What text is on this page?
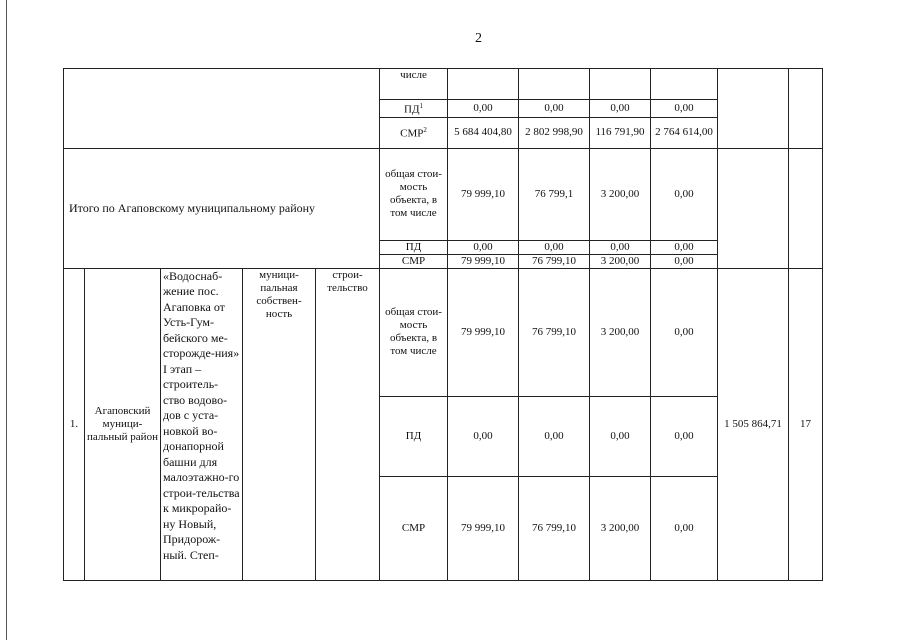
2
					числе						
					$ПД^1$	0,00	0,00	0,00	0,00		
					СМР$^2$	5 684 404,80	2 802 998,90	116 791,90	2 764 614,00		
Итого по Агаповскому муниципальному району					общая стои-мость объекта, в том числе	79 999,10	76 799,1	3 200,00	0,00		
					ПД	0,00	0,00	0,00	0,00		
					СМР	79 999,10	76 799,10	3 200,00	0,00		
1.	Агаповский муници-пальный район	«Водоснаб-жение пос. Агаповка от Усть-Гум-бейского ме-сторожде-ния» I этап – строитель-ство водово-дов с уста-новкой во-донапорной башни для малоэтажно-го строи-тельства к микрорайо-ну Новый, Придорож-ный. Степ-	муници-пальная собствен-ность	строи-тельство	общая стои-мость объекта, в том числе	79 999,10	76 799,10	3 200,00	0,00	1 505 864,71	17
					ПД	0,00	0,00	0,00	0,00		
					СМР	79 999,10	76 799,10	3 200,00	0,00		
